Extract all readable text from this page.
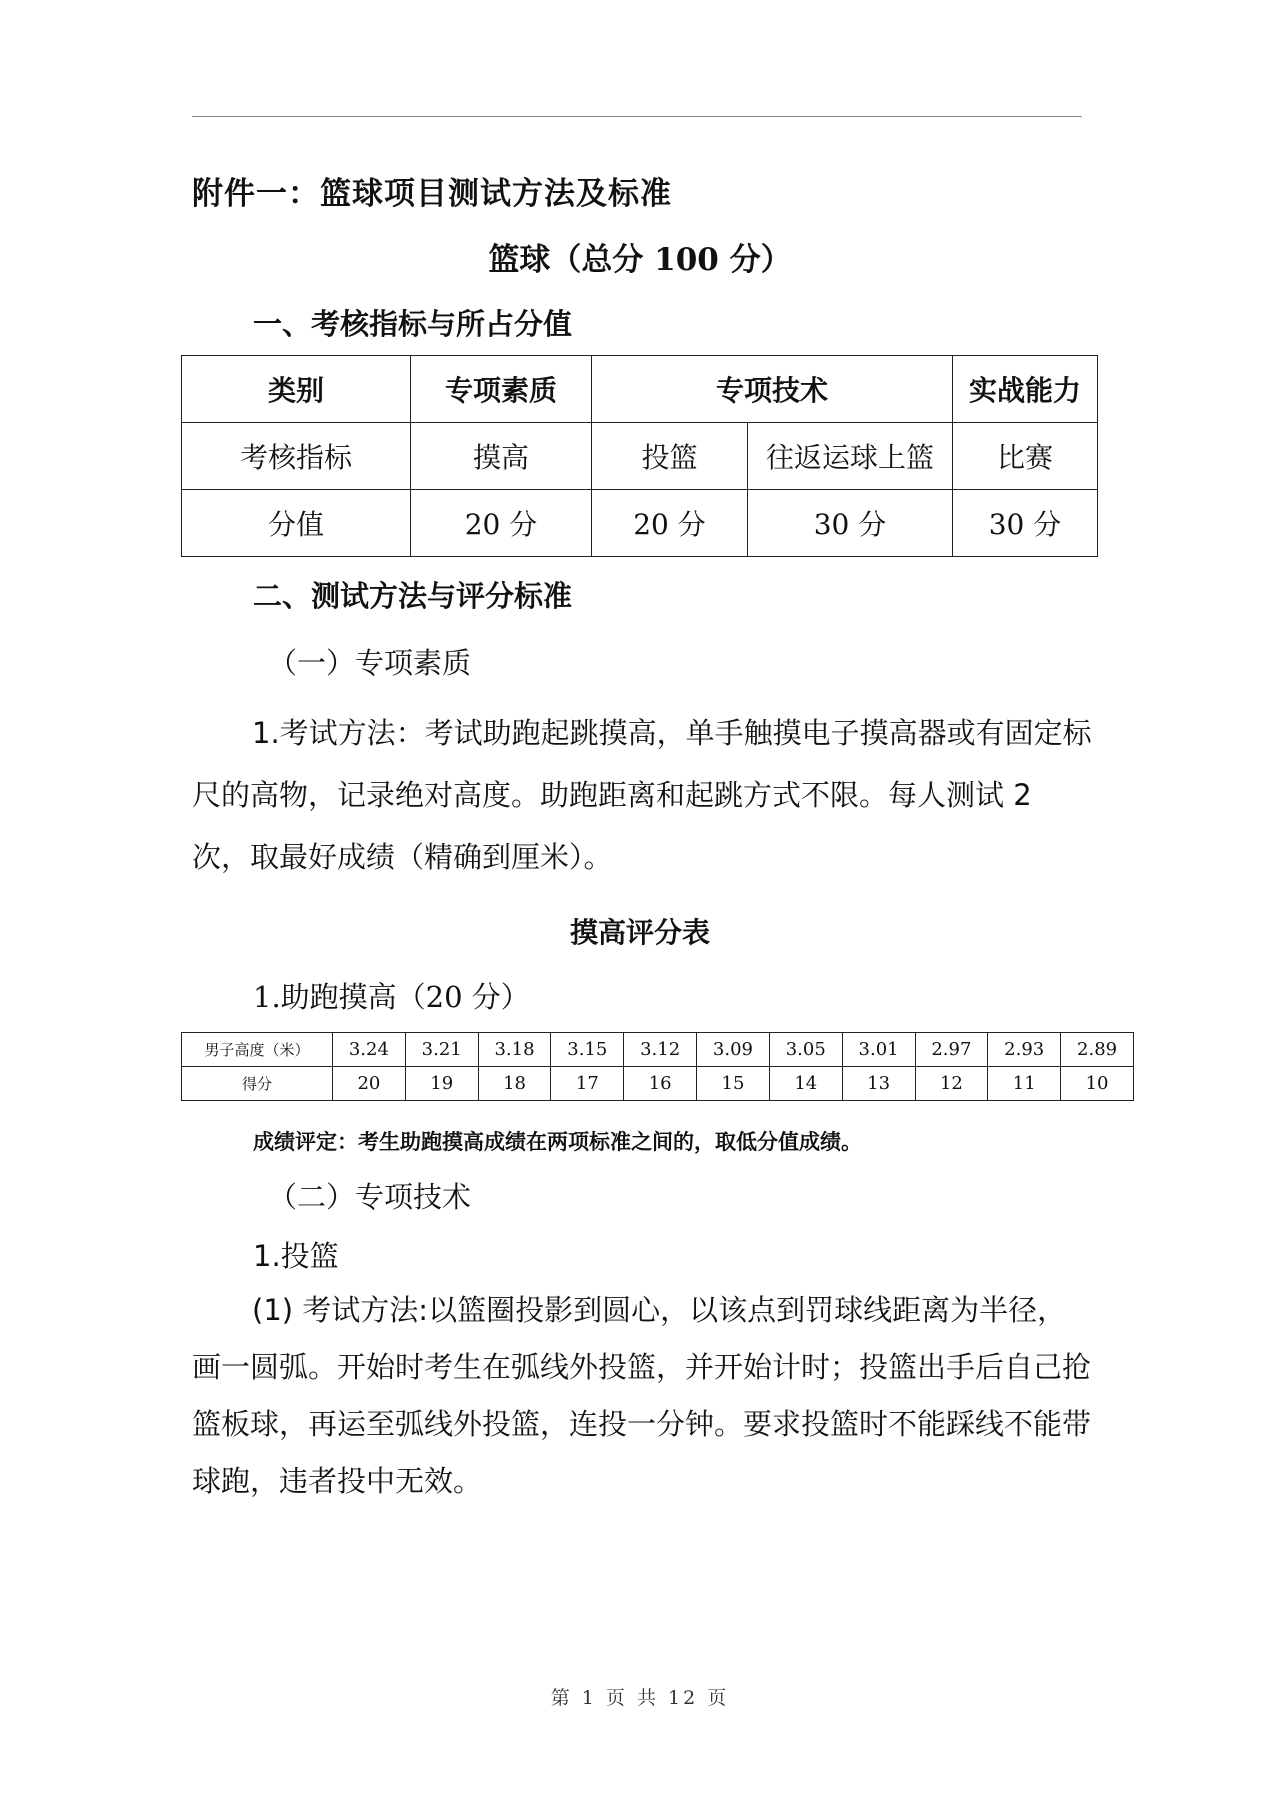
附件一：篮球项目测试方法及标准
篮球（总分 100 分）
一、考核指标与所占分值
类别	专项素质	专项技术		实战能力
考核指标	摸高	投篮	往返运球上篮	比赛
分值	20 分	20 分	30 分	30 分
二、测试方法与评分标准
（一）专项素质
1.考试方法：考试助跑起跳摸高，单手触摸电子摸高器或有固定标尺的高物，记录绝对高度。助跑距离和起跳方式不限。每人测试 2 次，取最好成绩（精确到厘米）。
摸高评分表
1.助跑摸高（20 分）
男子高度（米）	3.24	3.21	3.18	3.15	3.12	3.09	3.05	3.01	2.97	2.93	2.89
得分	20	19	18	17	16	15	14	13	12	11	10
成绩评定：考生助跑摸高成绩在两项标准之间的，取低分值成绩。
（二）专项技术
1.投篮
(1) 考试方法:以篮圈投影到圆心，以该点到罚球线距离为半径，画一圆弧。开始时考生在弧线外投篮，并开始计时；投篮出手后自己抢篮板球，再运至弧线外投篮，连投一分钟。要求投篮时不能踩线不能带球跑，违者投中无效。
第 1 页 共 12 页
